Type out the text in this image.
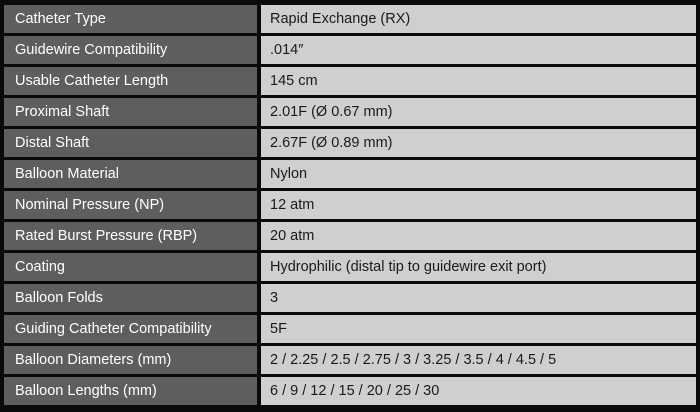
Catheter Type	Rapid Exchange (RX)
Guidewire Compatibility	.014″
Usable Catheter Length	145 cm
Proximal Shaft	2.01F (Ø 0.67 mm)
Distal Shaft	2.67F (Ø 0.89 mm)
Balloon Material	Nylon
Nominal Pressure (NP)	12 atm
Rated Burst Pressure (RBP)	20 atm
Coating	Hydrophilic (distal tip to guidewire exit port)
Balloon Folds	3
Guiding Catheter Compatibility	5F
Balloon Diameters (mm)	2 / 2.25 / 2.5 / 2.75 / 3 / 3.25 / 3.5 / 4 / 4.5 / 5
Balloon Lengths (mm)	6 / 9 / 12 / 15 / 20 / 25 / 30
